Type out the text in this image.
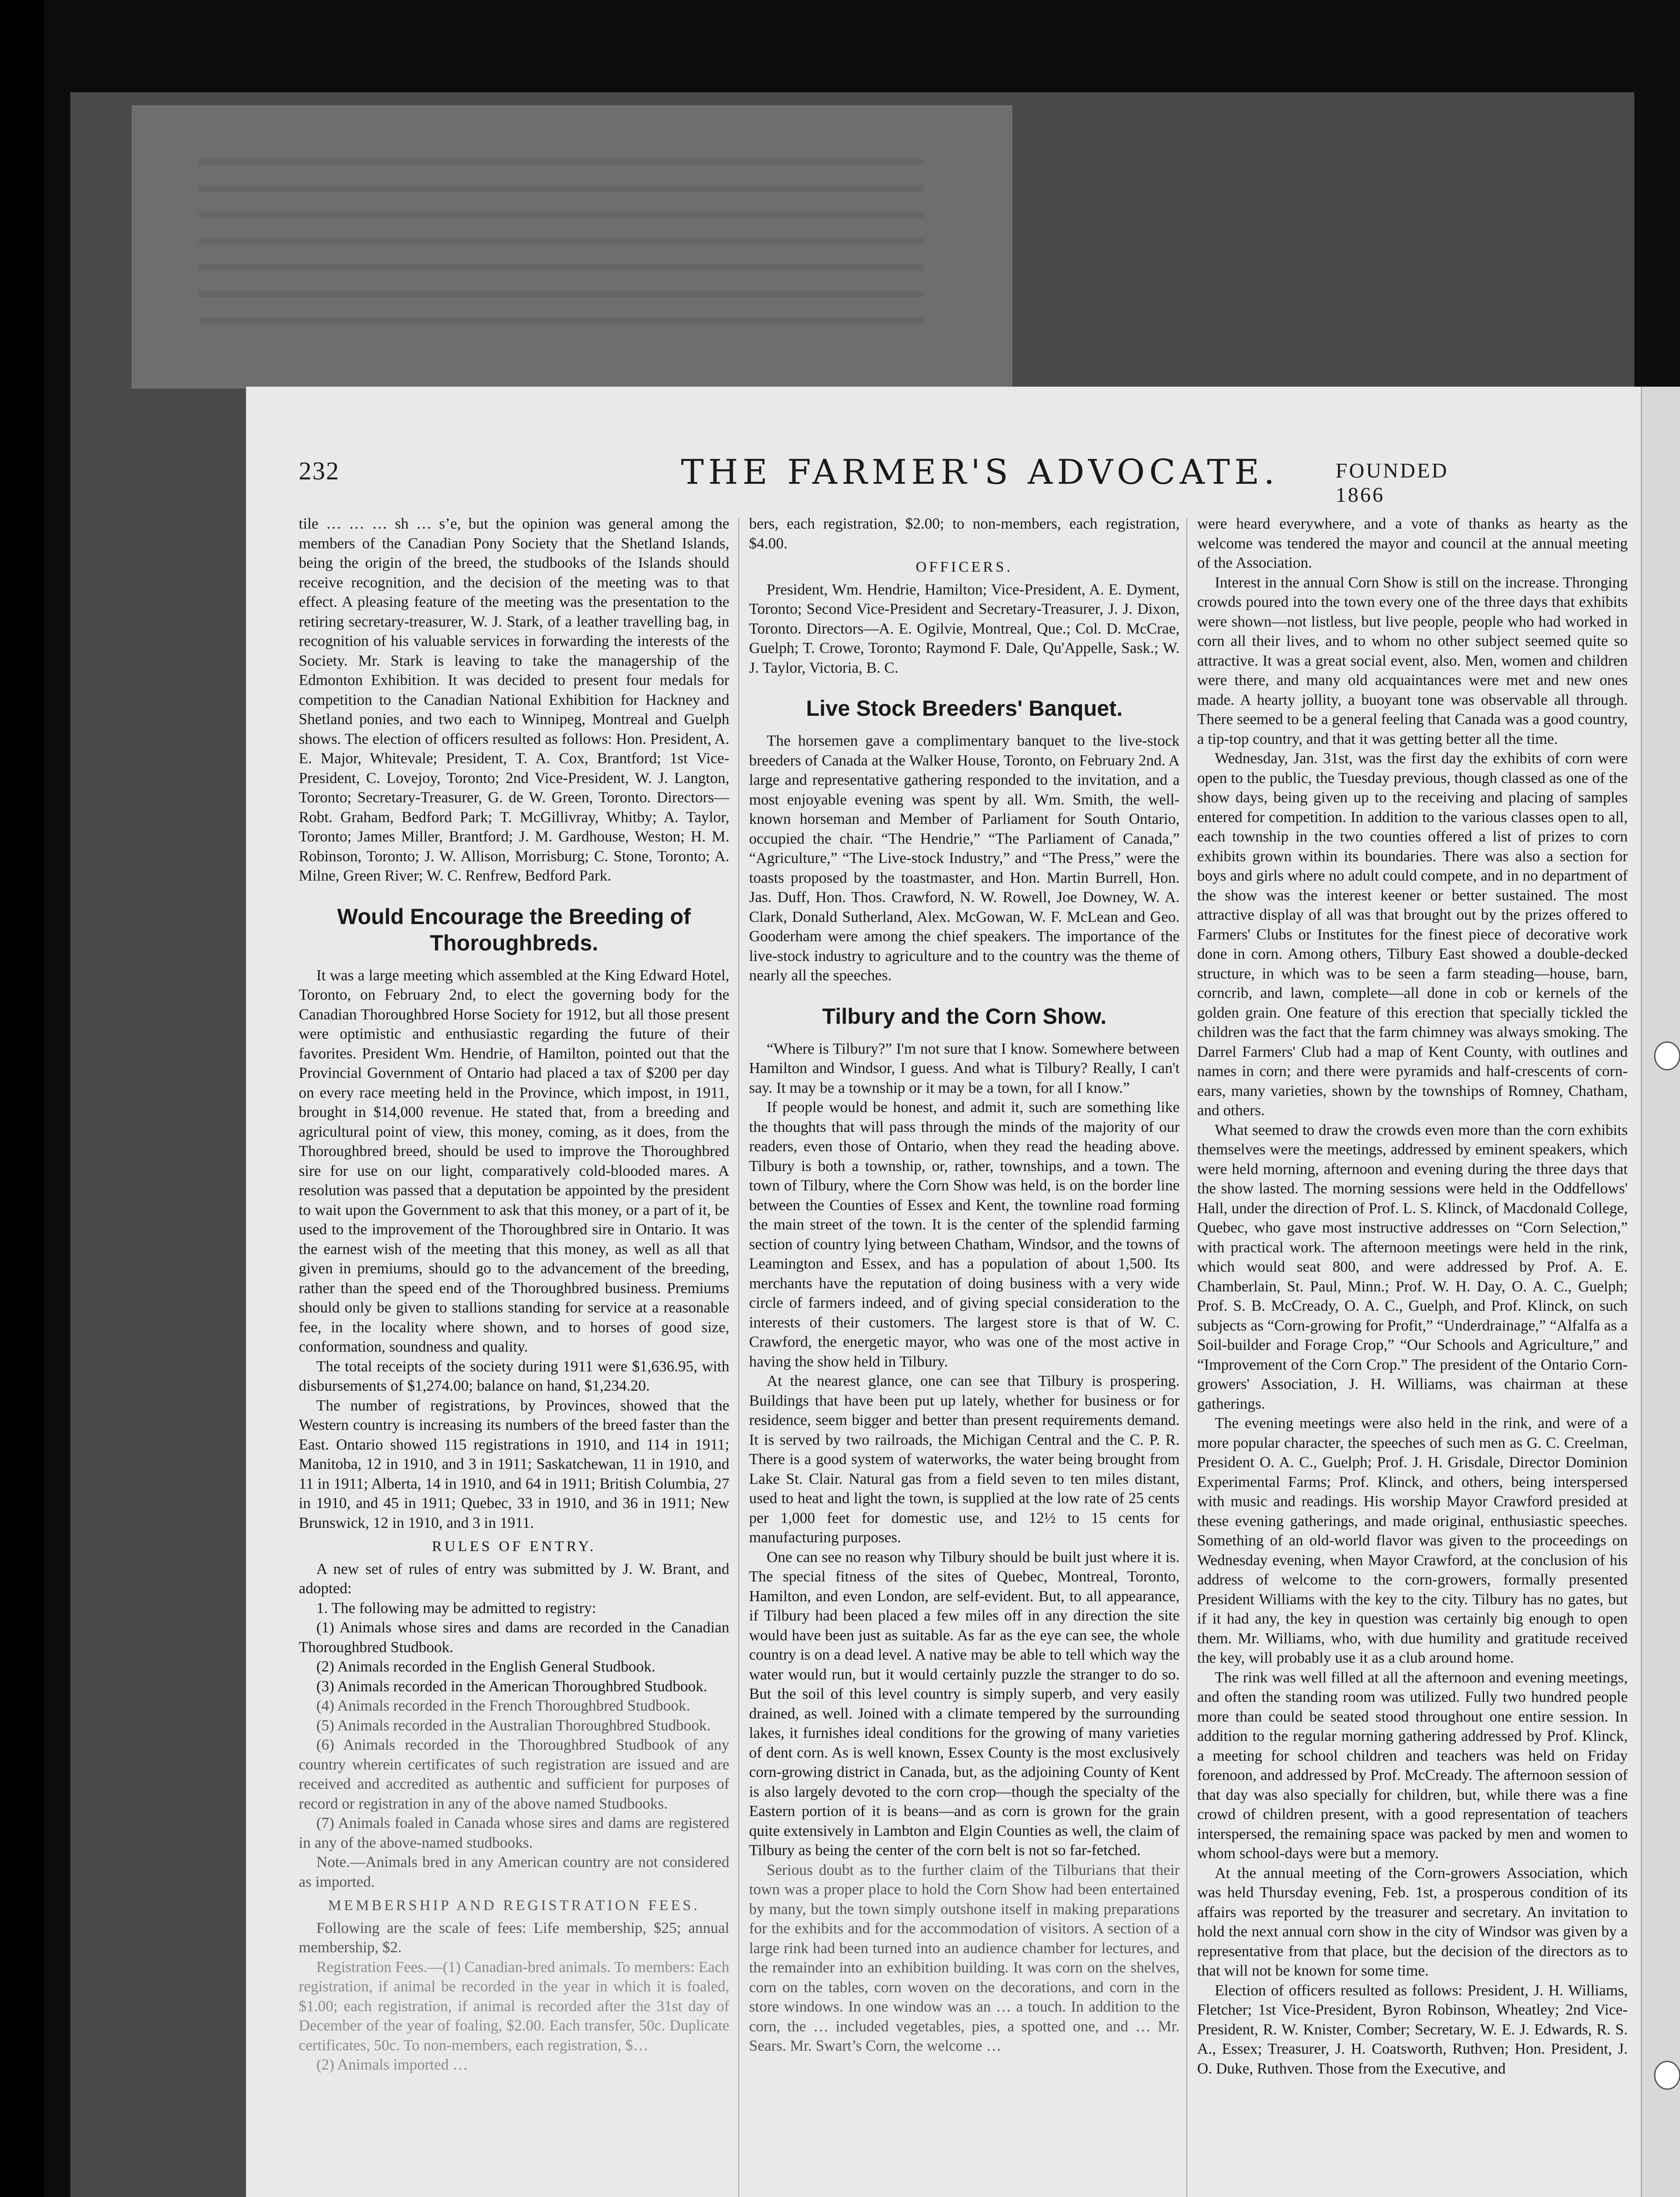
232	THE FARMER'S ADVOCATE.	FOUNDED 1866

tile … … … sh … s’e, but the opinion was general among the members of the Canadian Pony Society that the Shetland Islands, being the origin of the breed, the studbooks of the Islands should receive recognition, and the decision of the meeting was to that effect. A pleasing feature of the meeting was the presentation to the retiring secretary-treasurer, W. J. Stark, of a leather travelling bag, in recognition of his valuable services in forwarding the interests of the Society. Mr. Stark is leaving to take the managership of the Edmonton Exhibition. It was decided to present four medals for competition to the Canadian National Exhibition for Hackney and Shetland ponies, and two each to Winnipeg, Montreal and Guelph shows. The election of officers resulted as follows: Hon. President, A. E. Major, Whitevale; President, T. A. Cox, Brantford; 1st Vice-President, C. Lovejoy, Toronto; 2nd Vice-President, W. J. Langton, Toronto; Secretary-Treasurer, G. de W. Green, Toronto. Directors—Robt. Graham, Bedford Park; T. McGillivray, Whitby; A. Taylor, Toronto; James Miller, Brantford; J. M. Gardhouse, Weston; H. M. Robinson, Toronto; J. W. Allison, Morrisburg; C. Stone, Toronto; A. Milne, Green River; W. C. Renfrew, Bedford Park.

Would Encourage the Breeding of Thoroughbreds.

It was a large meeting which assembled at the King Edward Hotel, Toronto, on February 2nd, to elect the governing body for the Canadian Thoroughbred Horse Society for 1912, but all those present were optimistic and enthusiastic regarding the future of their favorites. President Wm. Hendrie, of Hamilton, pointed out that the Provincial Government of Ontario had placed a tax of $200 per day on every race meeting held in the Province, which impost, in 1911, brought in $14,000 revenue. He stated that, from a breeding and agricultural point of view, this money, coming, as it does, from the Thoroughbred breed, should be used to improve the Thoroughbred sire for use on our light, comparatively cold-blooded mares. A resolution was passed that a deputation be appointed by the president to wait upon the Government to ask that this money, or a part of it, be used to the improvement of the Thoroughbred sire in Ontario. It was the earnest wish of the meeting that this money, as well as all that given in premiums, should go to the advancement of the breeding, rather than the speed end of the Thoroughbred business. Premiums should only be given to stallions standing for service at a reasonable fee, in the locality where shown, and to horses of good size, conformation, soundness and quality.

The total receipts of the society during 1911 were $1,636.95, with disbursements of $1,274.00; balance on hand, $1,234.20.

The number of registrations, by Provinces, showed that the Western country is increasing its numbers of the breed faster than the East. Ontario showed 115 registrations in 1910, and 114 in 1911; Manitoba, 12 in 1910, and 3 in 1911; Saskatchewan, 11 in 1910, and 11 in 1911; Alberta, 14 in 1910, and 64 in 1911; British Columbia, 27 in 1910, and 45 in 1911; Quebec, 33 in 1910, and 36 in 1911; New Brunswick, 12 in 1910, and 3 in 1911.

RULES OF ENTRY.

A new set of rules of entry was submitted by J. W. Brant, and adopted:

1. The following may be admitted to registry:

(1) Animals whose sires and dams are recorded in the Canadian Thoroughbred Studbook.

(2) Animals recorded in the English General Studbook.

(3) Animals recorded in the American Thoroughbred Studbook.

(4) Animals recorded in the French Thoroughbred Studbook.

(5) Animals recorded in the Australian Thoroughbred Studbook.

(6) Animals recorded in the Thoroughbred Studbook of any country wherein certificates of such registration are issued and are received and accredited as authentic and sufficient for purposes of record or registration in any of the above named Studbooks.

(7) Animals foaled in Canada whose sires and dams are registered in any of the above-named studbooks.

Note.—Animals bred in any American country are not considered as imported.

MEMBERSHIP AND REGISTRATION FEES.

Following are the scale of fees: Life membership, $25; annual membership, $2.

Registration Fees.—(1) Canadian-bred animals. To members: Each registration, if animal be recorded in the year in which it is foaled, $1.00; each registration, if animal is recorded after the 31st day of December of the year of foaling, $2.00. Each transfer, 50c. Duplicate certificates, 50c. To non-members, each registration, $…

(2) Animals imported …

bers, each registration, $2.00; to non-members, each registration, $4.00.

OFFICERS.

President, Wm. Hendrie, Hamilton; Vice-President, A. E. Dyment, Toronto; Second Vice-President and Secretary-Treasurer, J. J. Dixon, Toronto. Directors—A. E. Ogilvie, Montreal, Que.; Col. D. McCrae, Guelph; T. Crowe, Toronto; Raymond F. Dale, Qu'Appelle, Sask.; W. J. Taylor, Victoria, B. C.

Live Stock Breeders' Banquet.

The horsemen gave a complimentary banquet to the live-stock breeders of Canada at the Walker House, Toronto, on February 2nd. A large and representative gathering responded to the invitation, and a most enjoyable evening was spent by all. Wm. Smith, the well-known horseman and Member of Parliament for South Ontario, occupied the chair. “The Hendrie,” “The Parliament of Canada,” “Agriculture,” “The Live-stock Industry,” and “The Press,” were the toasts proposed by the toastmaster, and Hon. Martin Burrell, Hon. Jas. Duff, Hon. Thos. Crawford, N. W. Rowell, Joe Downey, W. A. Clark, Donald Sutherland, Alex. McGowan, W. F. McLean and Geo. Gooderham were among the chief speakers. The importance of the live-stock industry to agriculture and to the country was the theme of nearly all the speeches.

Tilbury and the Corn Show.

“Where is Tilbury?” I'm not sure that I know. Somewhere between Hamilton and Windsor, I guess. And what is Tilbury? Really, I can't say. It may be a township or it may be a town, for all I know.”

If people would be honest, and admit it, such are something like the thoughts that will pass through the minds of the majority of our readers, even those of Ontario, when they read the heading above. Tilbury is both a township, or, rather, townships, and a town. The town of Tilbury, where the Corn Show was held, is on the border line between the Counties of Essex and Kent, the townline road forming the main street of the town. It is the center of the splendid farming section of country lying between Chatham, Windsor, and the towns of Leamington and Essex, and has a population of about 1,500. Its merchants have the reputation of doing business with a very wide circle of farmers indeed, and of giving special consideration to the interests of their customers. The largest store is that of W. C. Crawford, the energetic mayor, who was one of the most active in having the show held in Tilbury.

At the nearest glance, one can see that Tilbury is prospering. Buildings that have been put up lately, whether for business or for residence, seem bigger and better than present requirements demand. It is served by two railroads, the Michigan Central and the C. P. R. There is a good system of waterworks, the water being brought from Lake St. Clair. Natural gas from a field seven to ten miles distant, used to heat and light the town, is supplied at the low rate of 25 cents per 1,000 feet for domestic use, and 12½ to 15 cents for manufacturing purposes.

One can see no reason why Tilbury should be built just where it is. The special fitness of the sites of Quebec, Montreal, Toronto, Hamilton, and even London, are self-evident. But, to all appearance, if Tilbury had been placed a few miles off in any direction the site would have been just as suitable. As far as the eye can see, the whole country is on a dead level. A native may be able to tell which way the water would run, but it would certainly puzzle the stranger to do so. But the soil of this level country is simply superb, and very easily drained, as well. Joined with a climate tempered by the surrounding lakes, it furnishes ideal conditions for the growing of many varieties of dent corn. As is well known, Essex County is the most exclusively corn-growing district in Canada, but, as the adjoining County of Kent is also largely devoted to the corn crop—though the specialty of the Eastern portion of it is beans—and as corn is grown for the grain quite extensively in Lambton and Elgin Counties as well, the claim of Tilbury as being the center of the corn belt is not so far-fetched.

Serious doubt as to the further claim of the Tilburians that their town was a proper place to hold the Corn Show had been entertained by many, but the town simply outshone itself in making preparations for the exhibits and for the accommodation of visitors. A section of a large rink had been turned into an audience chamber for lectures, and the remainder into an exhibition building. It was corn on the shelves, corn on the tables, corn woven on the decorations, and corn in the store windows. In one window was an … a touch. In addition to the corn, the … included vegetables, pies, a spotted one, and … Mr. Sears. Mr. Swart’s Corn, the welcome …

were heard everywhere, and a vote of thanks as hearty as the welcome was tendered the mayor and council at the annual meeting of the Association.

Interest in the annual Corn Show is still on the increase. Thronging crowds poured into the town every one of the three days that exhibits were shown—not listless, but live people, people who had worked in corn all their lives, and to whom no other subject seemed quite so attractive. It was a great social event, also. Men, women and children were there, and many old acquaintances were met and new ones made. A hearty jollity, a buoyant tone was observable all through. There seemed to be a general feeling that Canada was a good country, a tip-top country, and that it was getting better all the time.

Wednesday, Jan. 31st, was the first day the exhibits of corn were open to the public, the Tuesday previous, though classed as one of the show days, being given up to the receiving and placing of samples entered for competition. In addition to the various classes open to all, each township in the two counties offered a list of prizes to corn exhibits grown within its boundaries. There was also a section for boys and girls where no adult could compete, and in no department of the show was the interest keener or better sustained. The most attractive display of all was that brought out by the prizes offered to Farmers' Clubs or Institutes for the finest piece of decorative work done in corn. Among others, Tilbury East showed a double-decked structure, in which was to be seen a farm steading—house, barn, corncrib, and lawn, complete—all done in cob or kernels of the golden grain. One feature of this erection that specially tickled the children was the fact that the farm chimney was always smoking. The Darrel Farmers' Club had a map of Kent County, with outlines and names in corn; and there were pyramids and half-crescents of corn-ears, many varieties, shown by the townships of Romney, Chatham, and others.

What seemed to draw the crowds even more than the corn exhibits themselves were the meetings, addressed by eminent speakers, which were held morning, afternoon and evening during the three days that the show lasted. The morning sessions were held in the Oddfellows' Hall, under the direction of Prof. L. S. Klinck, of Macdonald College, Quebec, who gave most instructive addresses on “Corn Selection,” with practical work. The afternoon meetings were held in the rink, which would seat 800, and were addressed by Prof. A. E. Chamberlain, St. Paul, Minn.; Prof. W. H. Day, O. A. C., Guelph; Prof. S. B. McCready, O. A. C., Guelph, and Prof. Klinck, on such subjects as “Corn-growing for Profit,” “Underdrainage,” “Alfalfa as a Soil-builder and Forage Crop,” “Our Schools and Agriculture,” and “Improvement of the Corn Crop.” The president of the Ontario Corn-growers' Association, J. H. Williams, was chairman at these gatherings.

The evening meetings were also held in the rink, and were of a more popular character, the speeches of such men as G. C. Creelman, President O. A. C., Guelph; Prof. J. H. Grisdale, Director Dominion Experimental Farms; Prof. Klinck, and others, being interspersed with music and readings. His worship Mayor Crawford presided at these evening gatherings, and made original, enthusiastic speeches. Something of an old-world flavor was given to the proceedings on Wednesday evening, when Mayor Crawford, at the conclusion of his address of welcome to the corn-growers, formally presented President Williams with the key to the city. Tilbury has no gates, but if it had any, the key in question was certainly big enough to open them. Mr. Williams, who, with due humility and gratitude received the key, will probably use it as a club around home.

The rink was well filled at all the afternoon and evening meetings, and often the standing room was utilized. Fully two hundred people more than could be seated stood throughout one entire session. In addition to the regular morning gathering addressed by Prof. Klinck, a meeting for school children and teachers was held on Friday forenoon, and addressed by Prof. McCready. The afternoon session of that day was also specially for children, but, while there was a fine crowd of children present, with a good representation of teachers interspersed, the remaining space was packed by men and women to whom school-days were but a memory.

At the annual meeting of the Corn-growers Association, which was held Thursday evening, Feb. 1st, a prosperous condition of its affairs was reported by the treasurer and secretary. An invitation to hold the next annual corn show in the city of Windsor was given by a representative from that place, but the decision of the directors as to that will not be known for some time.

Election of officers resulted as follows: President, J. H. Williams, Fletcher; 1st Vice-President, Byron Robinson, Wheatley; 2nd Vice-President, R. W. Knister, Comber; Secretary, W. E. J. Edwards, R. S. A., Essex; Treasurer, J. H. Coatsworth, Ruthven; Hon. President, J. O. Duke, Ruthven. Those from the Executive, and
